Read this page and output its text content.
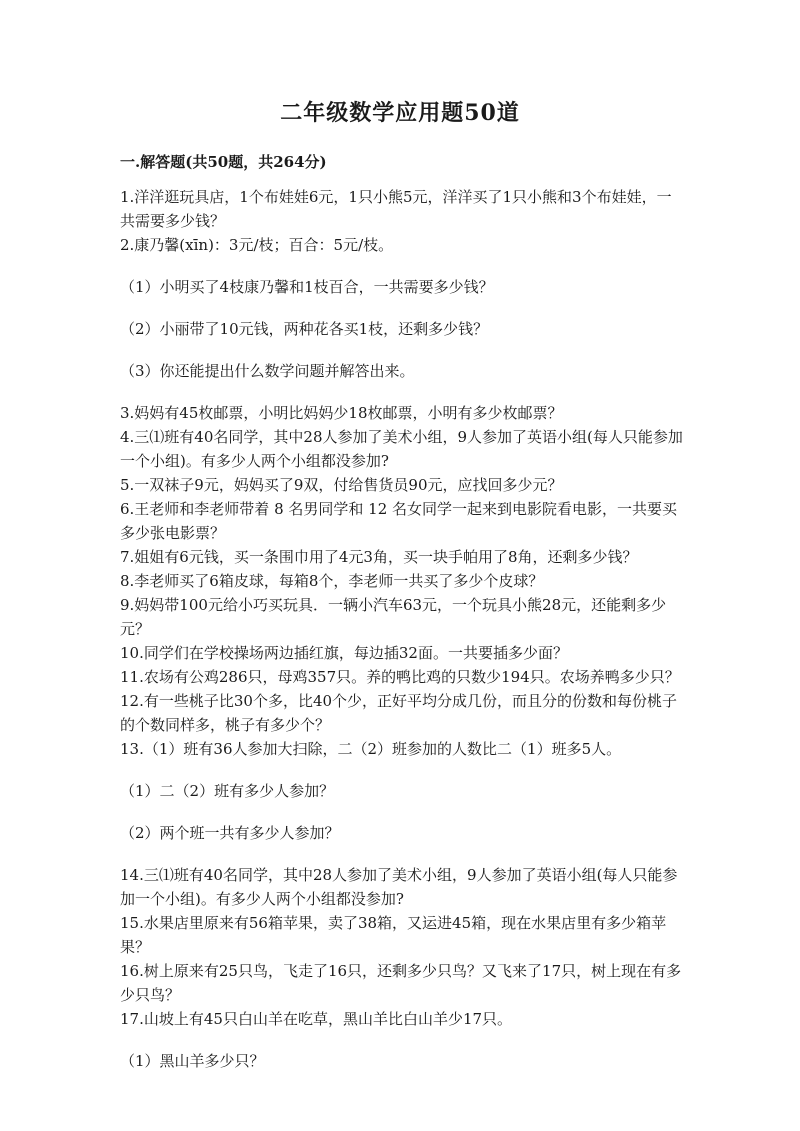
二年级数学应用题50道
一.解答题(共50题，共264分)

1.洋洋逛玩具店，1个布娃娃6元，1只小熊5元，洋洋买了1只小熊和3个布娃娃，一共需要多少钱？

2.康乃馨(xīn)：3元/枝；百合：5元/枝。

（1）小明买了4枝康乃馨和1枝百合，一共需要多少钱？

（2）小丽带了10元钱，两种花各买1枝，还剩多少钱？

（3）你还能提出什么数学问题并解答出来。

3.妈妈有45枚邮票，小明比妈妈少18枚邮票，小明有多少枚邮票？

4.三⑴班有40名同学，其中28人参加了美术小组，9人参加了英语小组(每人只能参加一个小组)。有多少人两个小组都没参加?

5.一双袜子9元，妈妈买了9双，付给售货员90元，应找回多少元？

6.王老师和李老师带着 8 名男同学和 12 名女同学一起来到电影院看电影，一共要买多少张电影票？

7.姐姐有6元钱，买一条围巾用了4元3角，买一块手帕用了8角，还剩多少钱？

8.李老师买了6箱皮球，每箱8个，李老师一共买了多少个皮球？

9.妈妈带100元给小巧买玩具．一辆小汽车63元，一个玩具小熊28元，还能剩多少元？

10.同学们在学校操场两边插红旗，每边插32面。一共要插多少面？

11.农场有公鸡286只，母鸡357只。养的鸭比鸡的只数少194只。农场养鸭多少只？

12.有一些桃子比30个多，比40个少，正好平均分成几份，而且分的份数和每份桃子的个数同样多，桃子有多少个？

13.（1）班有36人参加大扫除，二（2）班参加的人数比二（1）班多5人。

（1）二（2）班有多少人参加？

（2）两个班一共有多少人参加？

14.三⑴班有40名同学，其中28人参加了美术小组，9人参加了英语小组(每人只能参加一个小组)。有多少人两个小组都没参加?

15.水果店里原来有56箱苹果，卖了38箱，又运进45箱，现在水果店里有多少箱苹果？

16.树上原来有25只鸟，飞走了16只，还剩多少只鸟？又飞来了17只，树上现在有多少只鸟？

17.山坡上有45只白山羊在吃草，黑山羊比白山羊少17只。

（1）黑山羊多少只？
